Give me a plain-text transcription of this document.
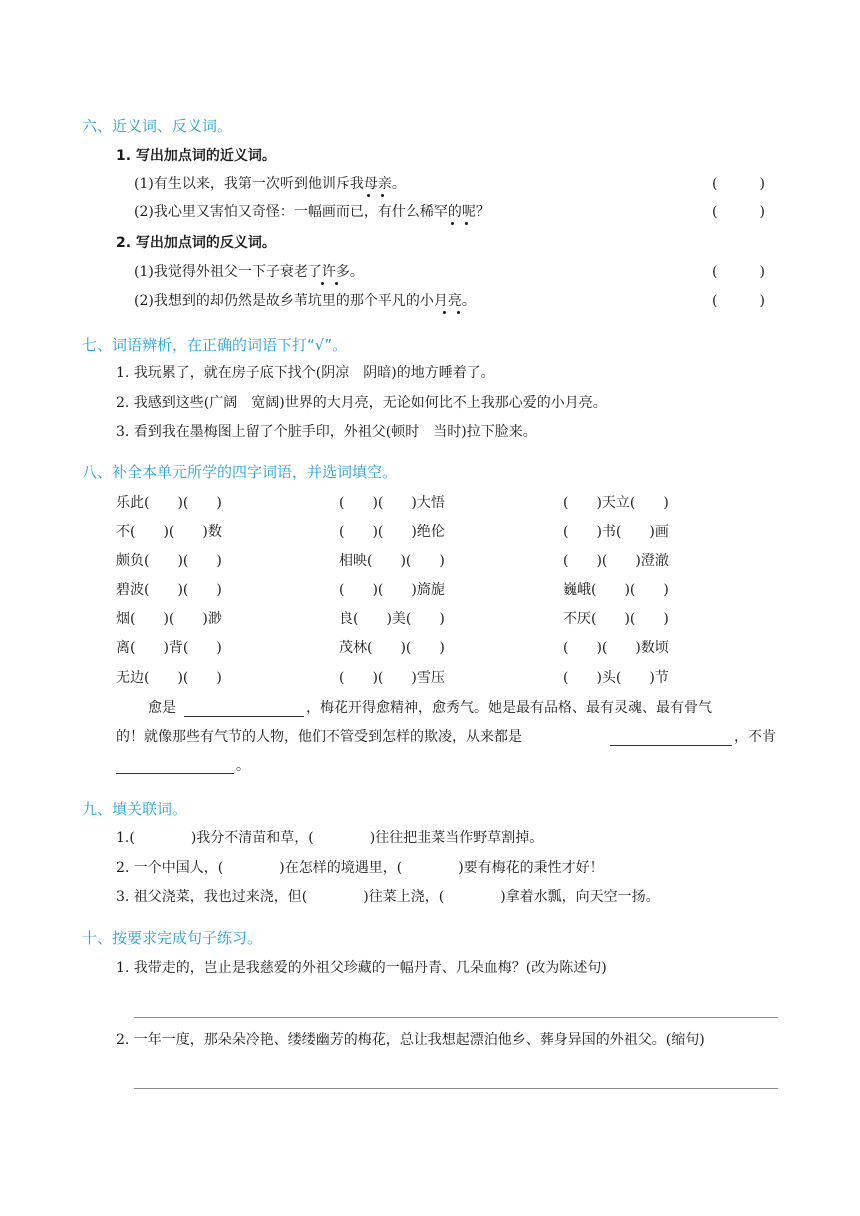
六、近义词、反义词。
1. 写出加点词的近义词。
(1)有生以来，我第一次听到他训斥我母亲。	(　　　)
(2)我心里又害怕又奇怪：一幅画而已，有什么稀罕的呢？	(　　　)
2. 写出加点词的反义词。
(1)我觉得外祖父一下子衰老了许多。	(　　　)
(2)我想到的却仍然是故乡苇坑里的那个平凡的小月亮。	(　　　)
七、词语辨析，在正确的词语下打“√”。
1. 我玩累了，就在房子底下找个(阴凉　阴暗)的地方睡着了。
2. 我感到这些(广阔　宽阔)世界的大月亮，无论如何比不上我那心爱的小月亮。
3. 看到我在墨梅图上留了个脏手印，外祖父(顿时　当时)拉下脸来。
八、补全本单元所学的四字词语，并选词填空。
乐此(　　)(　　)	(　　)(　　)大悟	(　　)天立(　　)
不(　　)(　　)数	(　　)(　　)绝伦	(　　)书(　　)画
颇负(　　)(　　)	相映(　　)(　　)	(　　)(　　)澄澈
碧波(　　)(　　)	(　　)(　　)旖旎	巍峨(　　)(　　)
烟(　　)(　　)渺	良(　　)美(　　)	不厌(　　)(　　)
离(　　)背(　　)	茂林(　　)(　　)	(　　)(　　)数顷
无边(　　)(　　)	(　　)(　　)雪压	(　　)头(　　)节
愈是	，梅花开得愈精神，愈秀气。她是最有品格、最有灵魂、最有骨气
的！就像那些有气节的人物，他们不管受到怎样的欺凌，从来都是	，不肯
。
九、填关联词。
1.(　　　　)我分不清苗和草，(　　　　)往往把韭菜当作野草割掉。
2. 一个中国人，(　　　　)在怎样的境遇里，(　　　　)要有梅花的秉性才好！
3. 祖父浇菜，我也过来浇，但(　　　　)往菜上浇，(　　　　)拿着水瓢，向天空一扬。
十、按要求完成句子练习。
1. 我带走的，岂止是我慈爱的外祖父珍藏的一幅丹青、几朵血梅？(改为陈述句)
2. 一年一度，那朵朵冷艳、缕缕幽芳的梅花，总让我想起漂泊他乡、葬身异国的外祖父。(缩句)
